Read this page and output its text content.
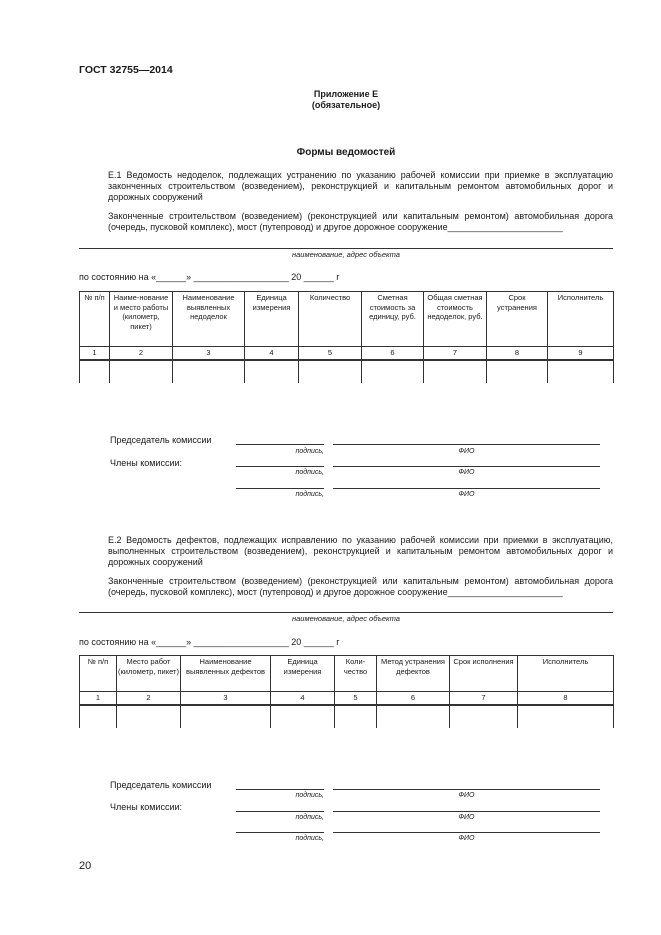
ГОСТ 32755—2014
Приложение Е
(обязательное)
Формы ведомостей
Е.1 Ведомость недоделок, подлежащих устранению по указанию рабочей комиссии при приемке в эксплуатацию законченных строительством (возведением), реконструкцией и капитальным ремонтом автомобильных дорог и дорожных сооружений
Законченные строительством (возведением) (реконструкцией или капитальным ремонтом) автомобильная дорога (очередь, пусковой комплекс), мост (путепровод) и другое дорожное сооружение_______________________
наименование, адрес объекта
по состоянию на «______» ___________________ 20 ______ г
№ п/п	Наиме-нование и место работы (километр, пикет)	Наименование выявленных недоделок	Единица измерения	Количество	Сметная стоимость за единицу, руб.	Общая сметная стоимость недоделок, руб.	Срок устранения	Исполнитель
1	2	3	4	5	6	7	8	9

Председатель комиссии
подпись,	ФИО
Члены комиссии:
подпись,	ФИО
подпись,	ФИО
Е.2 Ведомость дефектов, подлежащих исправлению по указанию рабочей комиссии при приемки в эксплуатацию, выполненных строительством (возведением), реконструкцией и капитальным ремонтом автомобильных дорог и дорожных сооружений
Законченные строительством (возведением) (реконструкцией или капитальным ремонтом) автомобильная дорога (очередь, пусковой комплекс), мост (путепровод) и другое дорожное сооружение_______________________
наименование, адрес объекта
по состоянию на «______» ___________________ 20 ______ г
№ п/п	Место работ (километр, пикет)	Наименование выявленных дефектов	Единица измерения	Коли-чество	Метод устранения дефектов	Срок исполнения	Исполнитель
1	2	3	4	5	6	7	8

Председатель комиссии
подпись,	ФИО
Члены комиссии:
подпись,	ФИО
подпись,	ФИО
20
